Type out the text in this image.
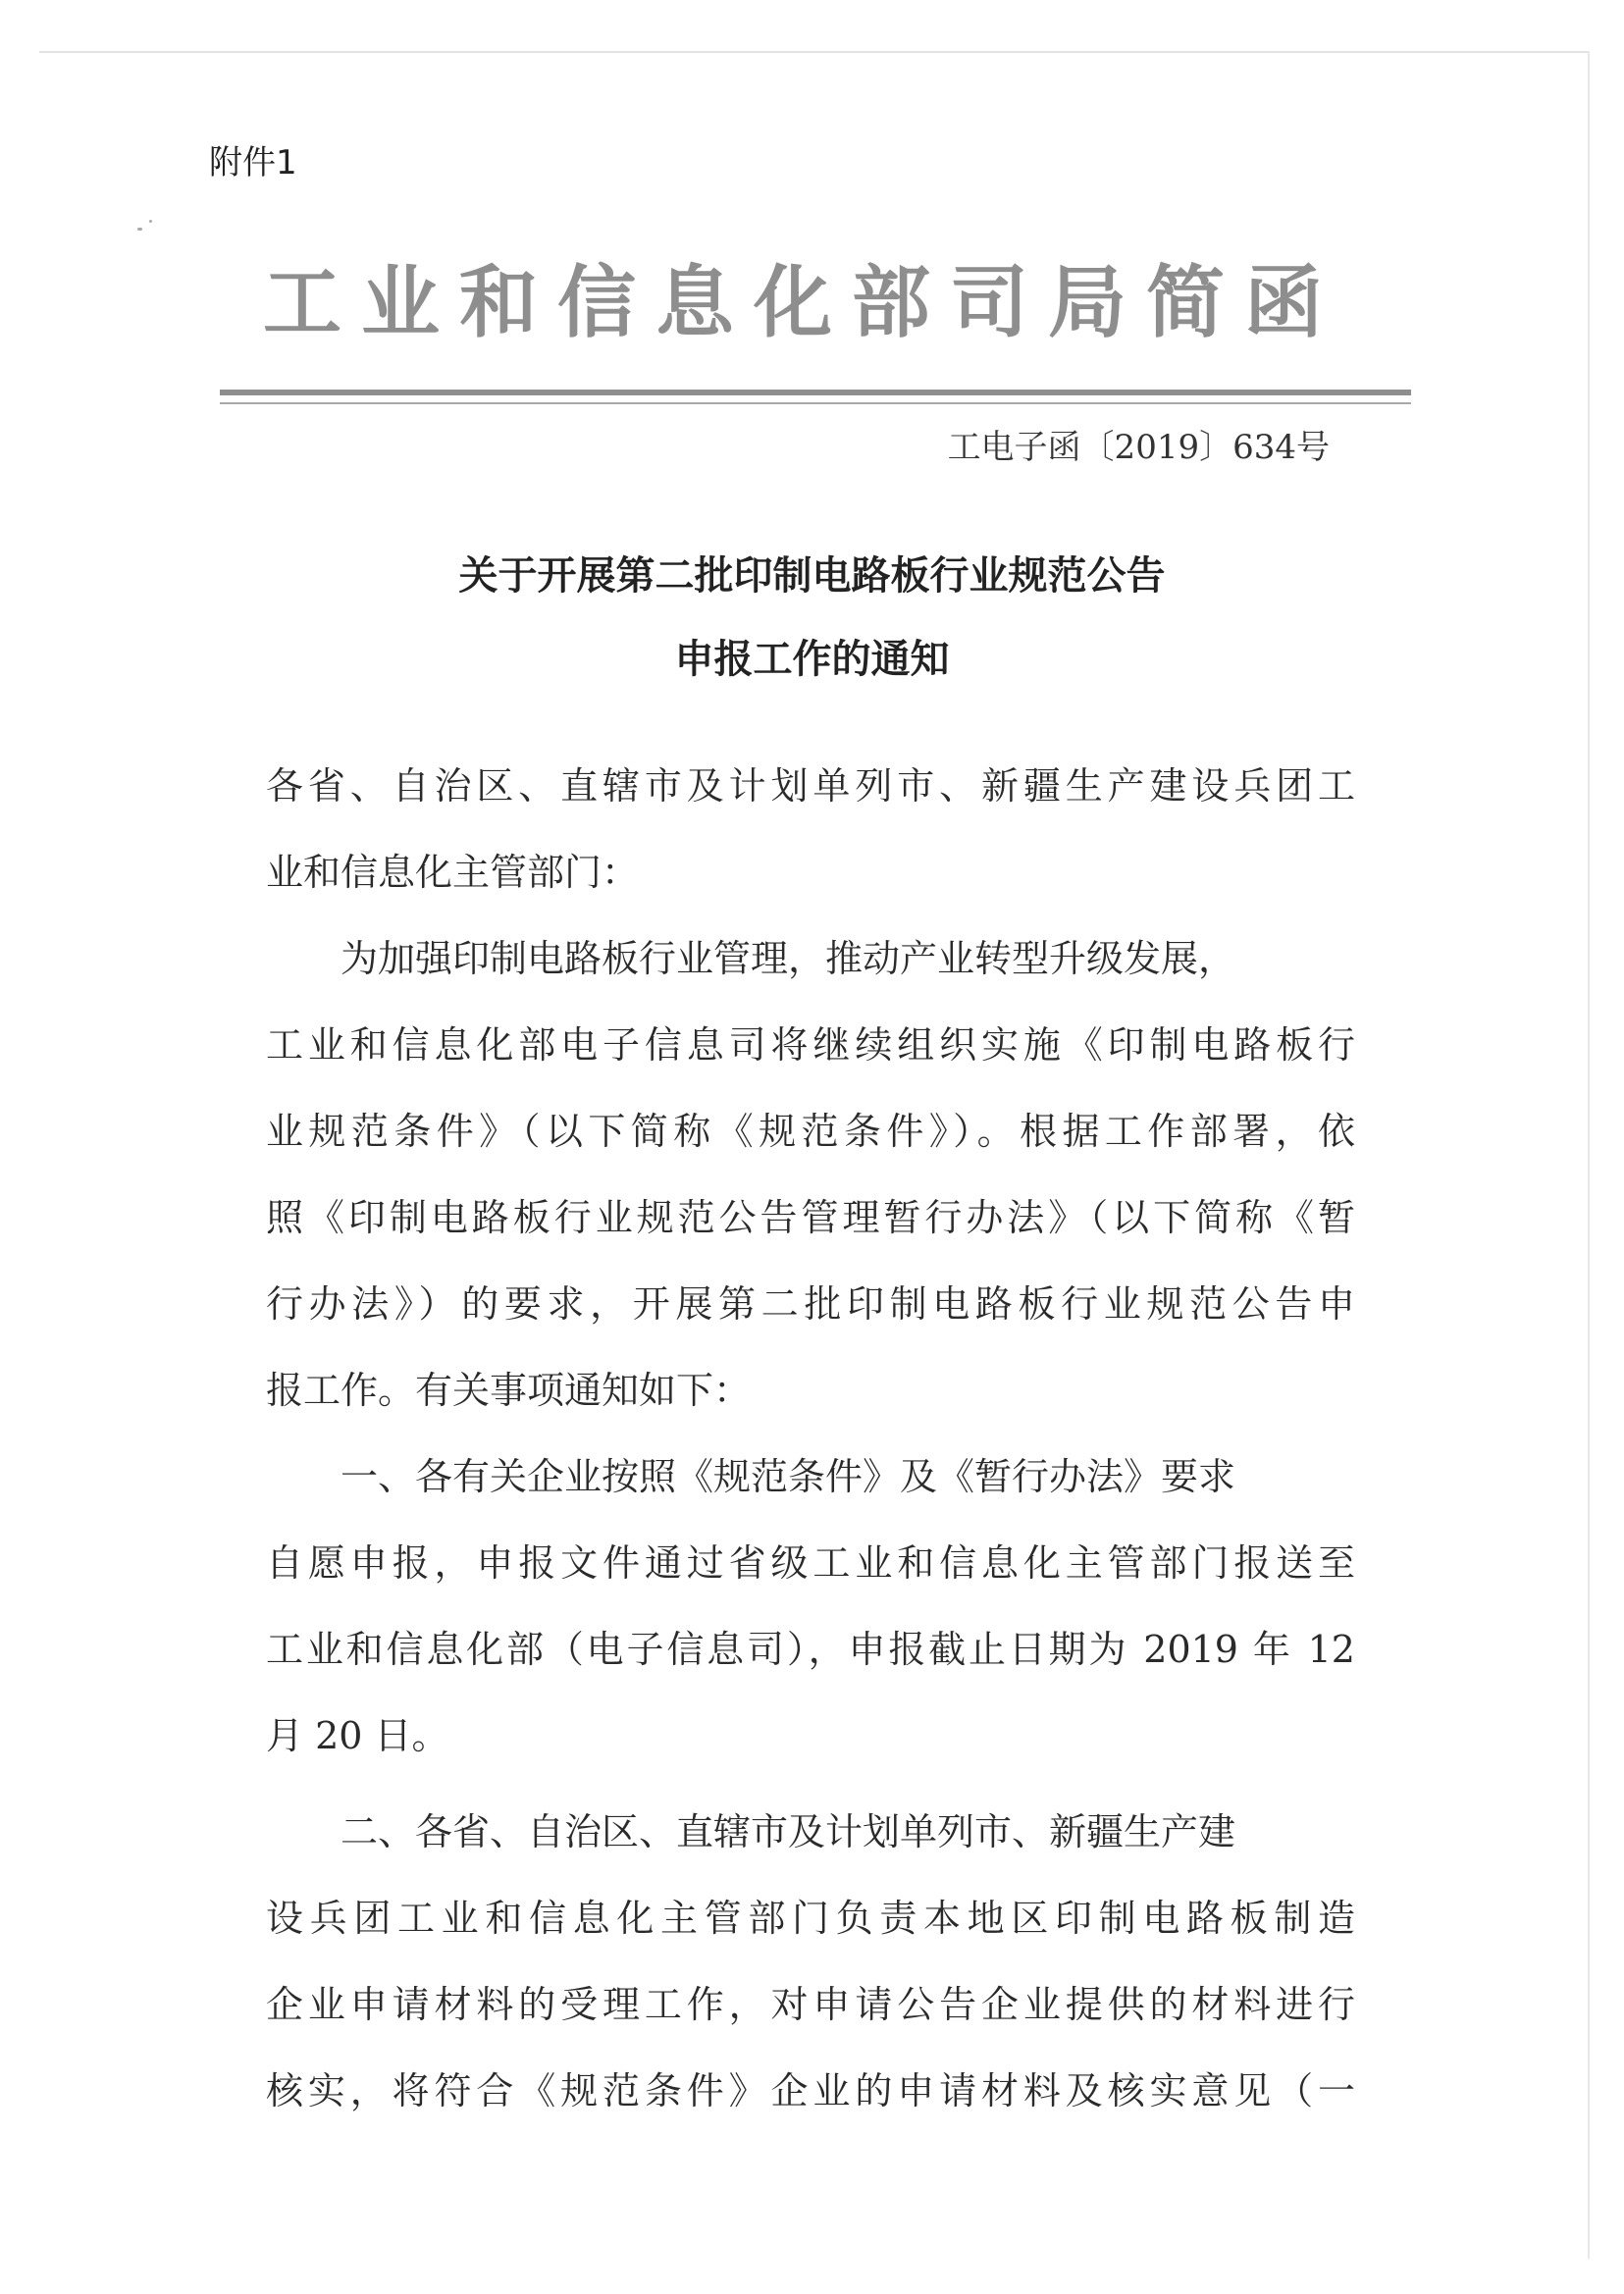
附件1
工业和信息化部司局简函
工电子函〔2019〕634号
关于开展第二批印制电路板行业规范公告
申报工作的通知
各省、自治区、直辖市及计划单列市、新疆生产建设兵团工
业和信息化主管部门：
　　为加强印制电路板行业管理，推动产业转型升级发展，
工业和信息化部电子信息司将继续组织实施《印制电路板行
业规范条件》（以下简称《规范条件》）。根据工作部署，依
照《印制电路板行业规范公告管理暂行办法》（以下简称《暂
行办法》）的要求，开展第二批印制电路板行业规范公告申
报工作。有关事项通知如下：
　　一、各有关企业按照《规范条件》及《暂行办法》要求
自愿申报，申报文件通过省级工业和信息化主管部门报送至
工业和信息化部（电子信息司），申报截止日期为 2019 年 12
月 20 日。
　　二、各省、自治区、直辖市及计划单列市、新疆生产建
设兵团工业和信息化主管部门负责本地区印制电路板制造
企业申请材料的受理工作，对申请公告企业提供的材料进行
核实，将符合《规范条件》企业的申请材料及核实意见（一
